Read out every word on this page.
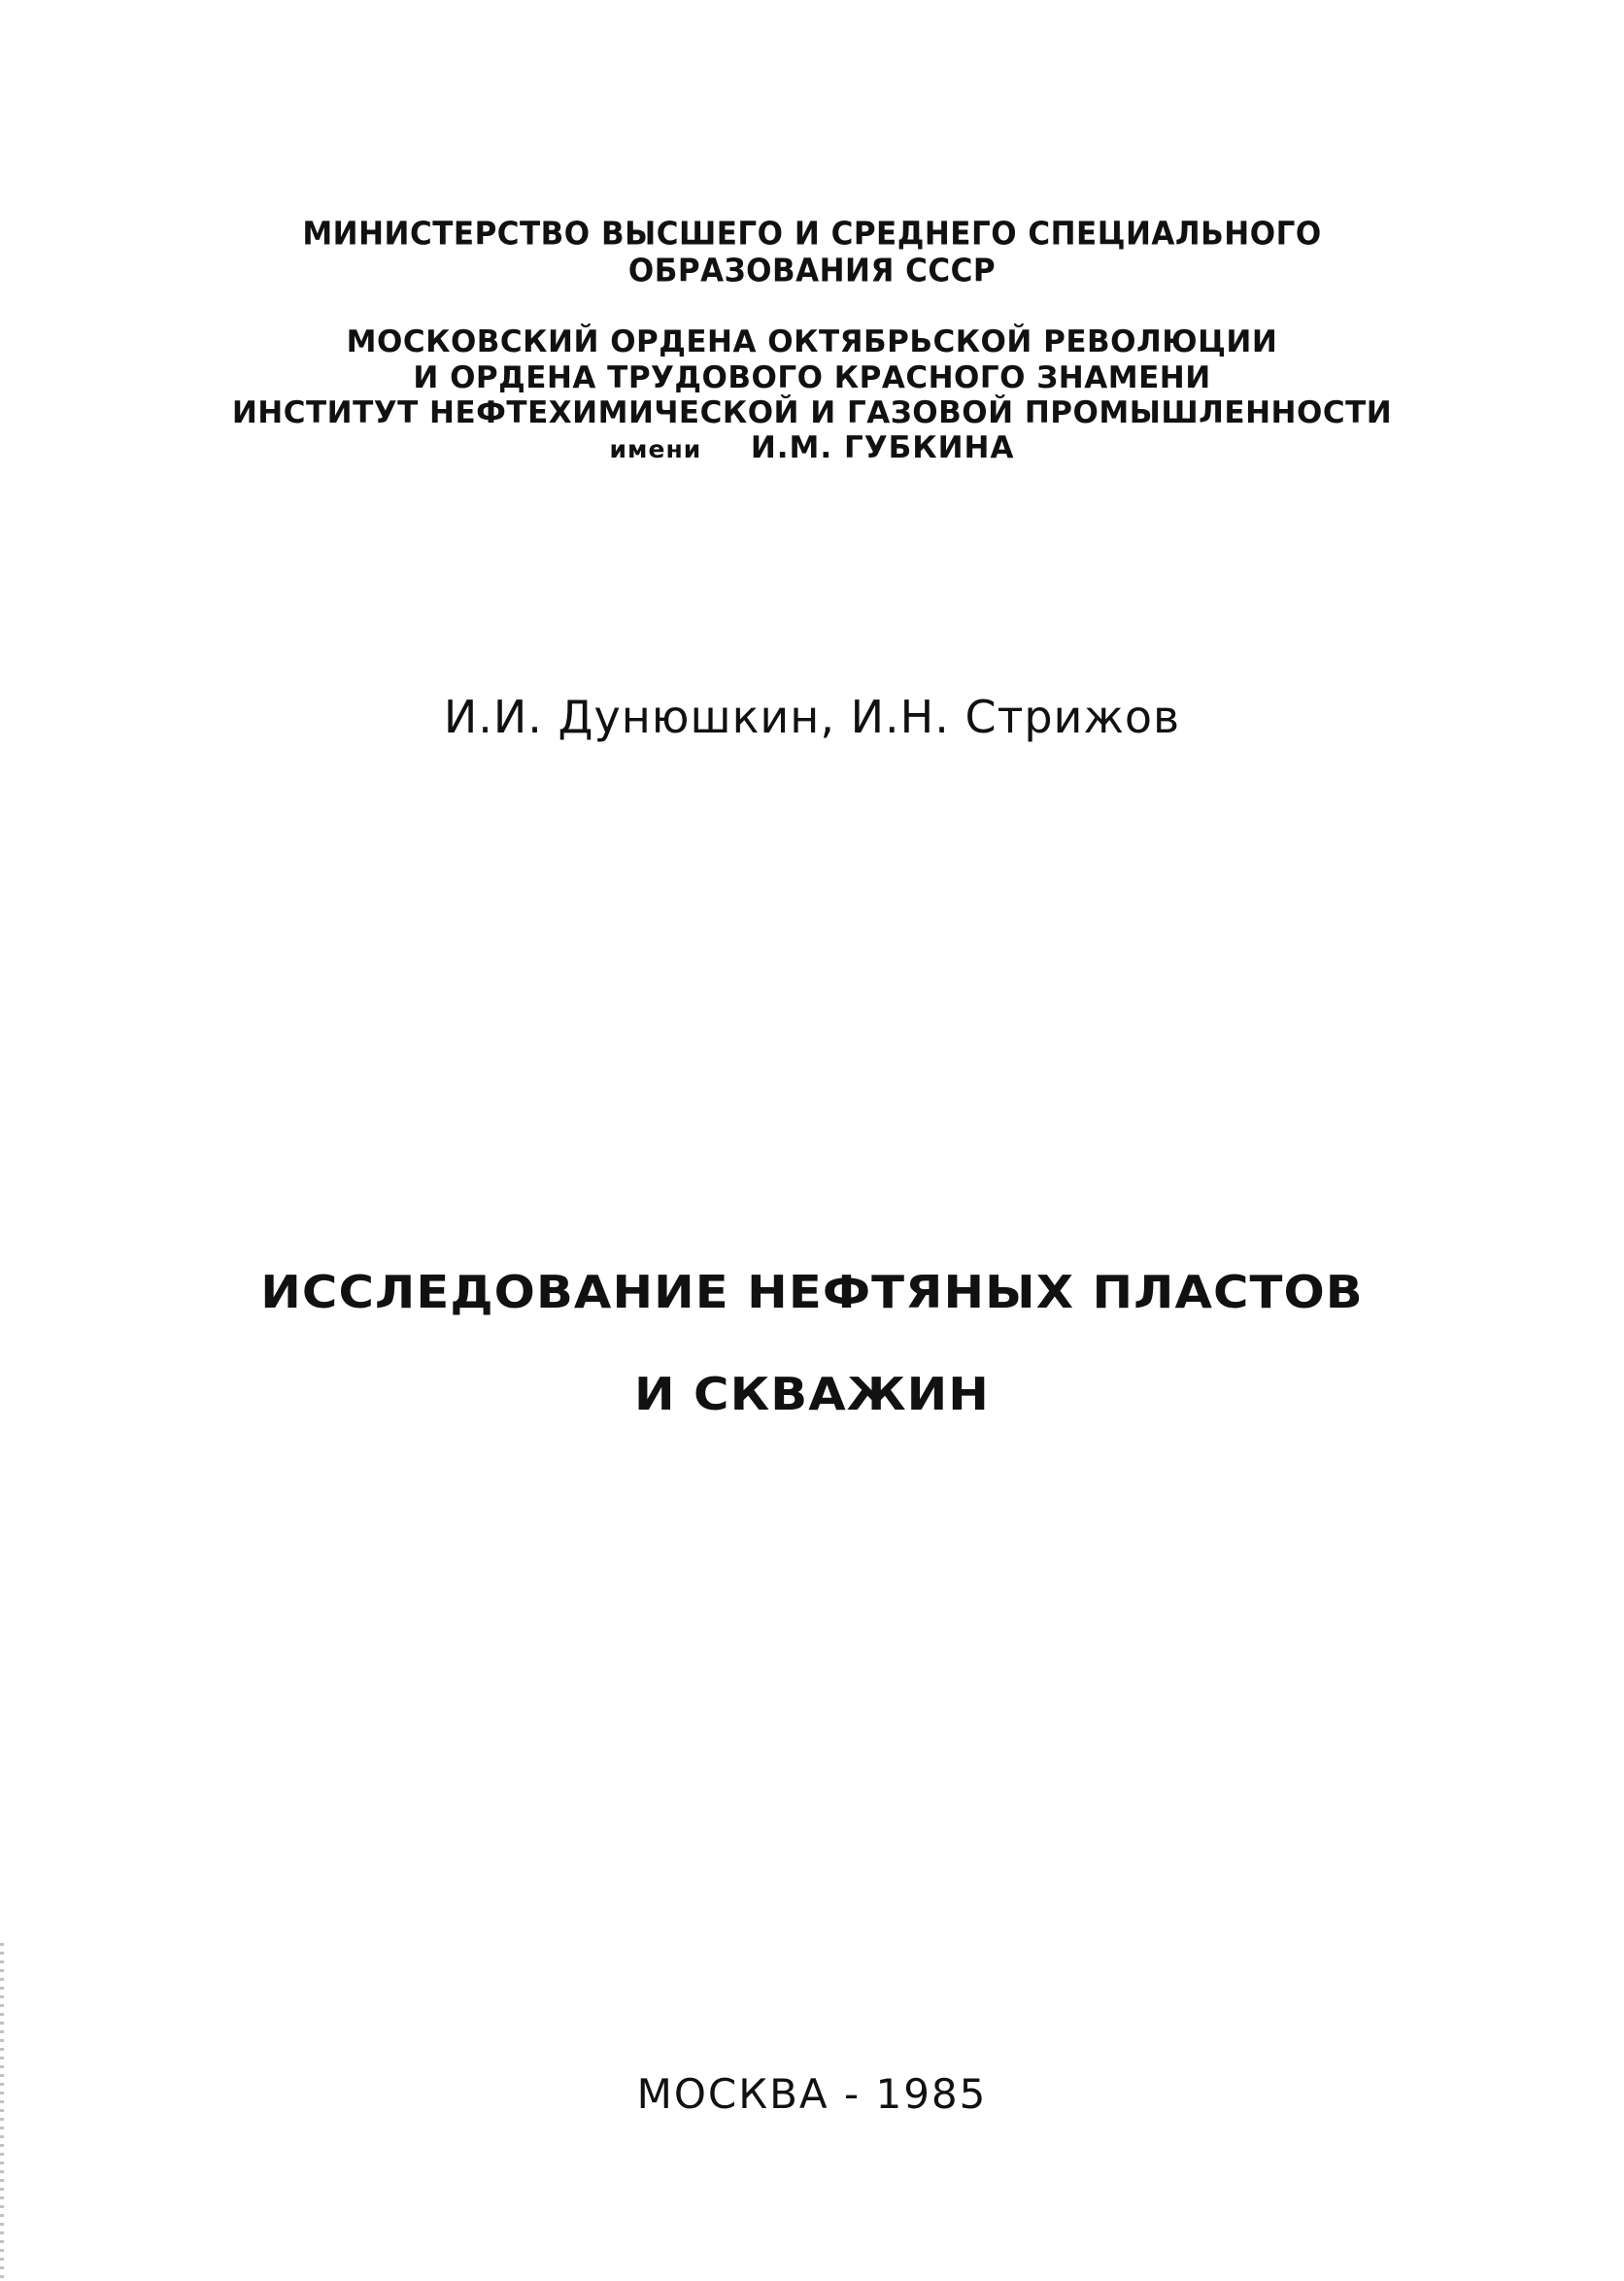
МИНИСТЕРСТВО ВЫСШЕГО И СРЕДНЕГО СПЕЦИАЛЬНОГО
ОБРАЗОВАНИЯ СССР
МОСКОВСКИЙ ОРДЕНА ОКТЯБРЬСКОЙ РЕВОЛЮЦИИ
И ОРДЕНА ТРУДОВОГО КРАСНОГО ЗНАМЕНИ
ИНСТИТУТ НЕФТЕХИМИЧЕСКОЙ И ГАЗОВОЙ ПРОМЫШЛЕННОСТИ
имени И.М. ГУБКИНА
И.И. Дунюшкин, И.Н. Стрижов
ИССЛЕДОВАНИЕ НЕФТЯНЫХ ПЛАСТОВ
И СКВАЖИН
МОСКВА - 1985
